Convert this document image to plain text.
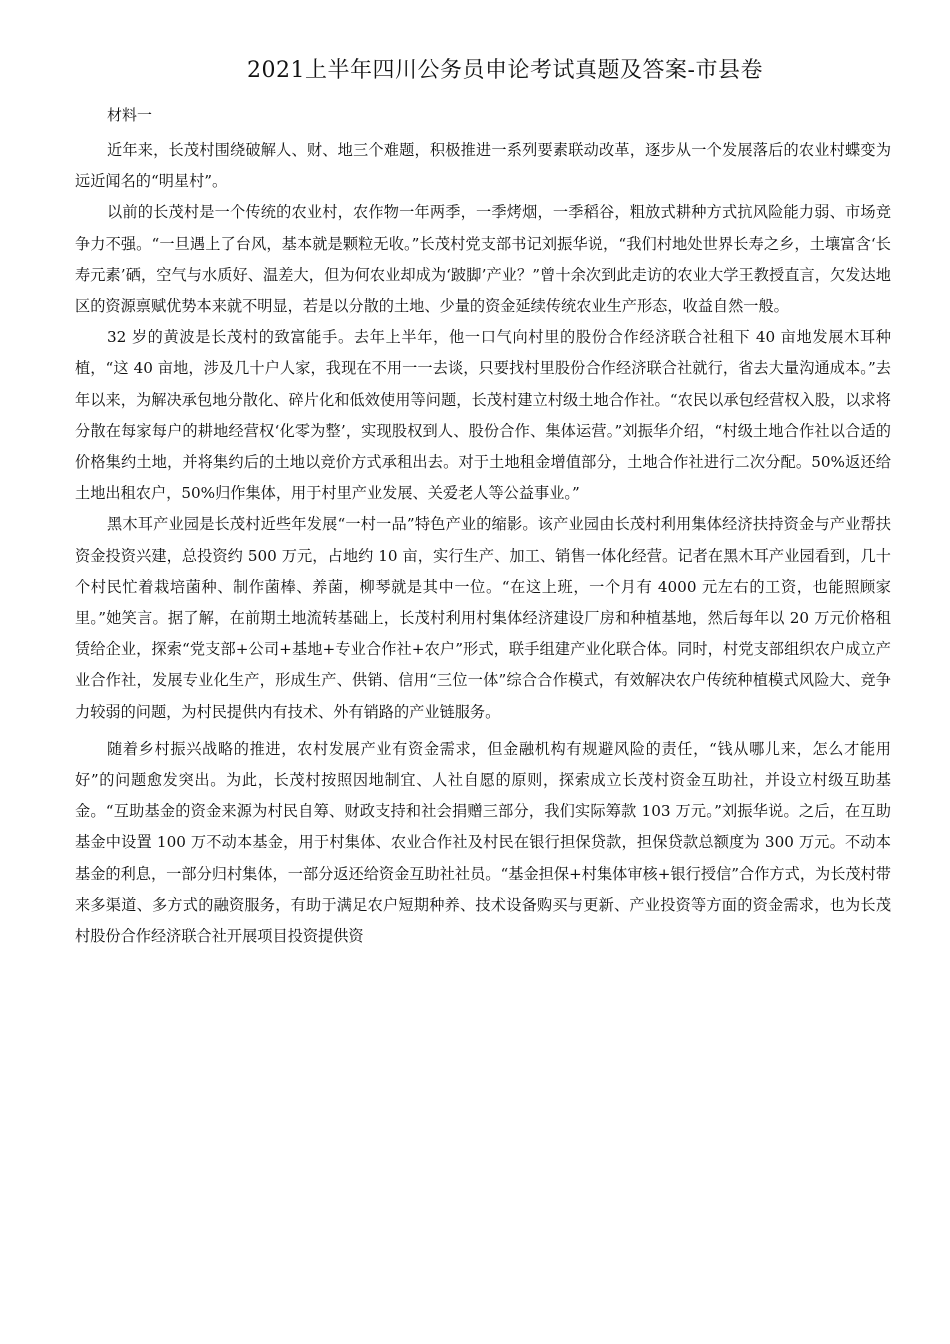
2021上半年四川公务员申论考试真题及答案-市县卷
材料一

近年来，长茂村围绕破解人、财、地三个难题，积极推进一系列要素联动改革，逐步从一个发展落后的农业村蝶变为远近闻名的“明星村”。

以前的长茂村是一个传统的农业村，农作物一年两季，一季烤烟，一季稻谷，粗放式耕种方式抗风险能力弱、市场竞争力不强。“一旦遇上了台风，基本就是颗粒无收。”长茂村党支部书记刘振华说，“我们村地处世界长寿之乡，土壤富含‘长寿元素’硒，空气与水质好、温差大，但为何农业却成为‘跛脚’产业？”曾十余次到此走访的农业大学王教授直言，欠发达地区的资源禀赋优势本来就不明显，若是以分散的土地、少量的资金延续传统农业生产形态，收益自然一般。

32 岁的黄波是长茂村的致富能手。去年上半年，他一口气向村里的股份合作经济联合社租下 40 亩地发展木耳种植，“这 40 亩地，涉及几十户人家，我现在不用一一去谈，只要找村里股份合作经济联合社就行，省去大量沟通成本。”去年以来，为解决承包地分散化、碎片化和低效使用等问题，长茂村建立村级土地合作社。“农民以承包经营权入股，以求将分散在每家每户的耕地经营权‘化零为整’，实现股权到人、股份合作、集体运营。”刘振华介绍，“村级土地合作社以合适的价格集约土地，并将集约后的土地以竞价方式承租出去。对于土地租金增值部分，土地合作社进行二次分配。50%返还给土地出租农户，50%归作集体，用于村里产业发展、关爱老人等公益事业。”

黑木耳产业园是长茂村近些年发展“一村一品”特色产业的缩影。该产业园由长茂村利用集体经济扶持资金与产业帮扶资金投资兴建，总投资约 500 万元，占地约 10 亩，实行生产、加工、销售一体化经营。记者在黑木耳产业园看到，几十个村民忙着栽培菌种、制作菌棒、养菌，柳琴就是其中一位。“在这上班，一个月有 4000 元左右的工资，也能照顾家里。”她笑言。据了解，在前期土地流转基础上，长茂村利用村集体经济建设厂房和种植基地，然后每年以 20 万元价格租赁给企业，探索“党支部+公司+基地+专业合作社+农户”形式，联手组建产业化联合体。同时，村党支部组织农户成立产业合作社，发展专业化生产，形成生产、供销、信用“三位一体”综合合作模式，有效解决农户传统种植模式风险大、竞争力较弱的问题，为村民提供内有技术、外有销路的产业链服务。

随着乡村振兴战略的推进，农村发展产业有资金需求，但金融机构有规避风险的责任，“钱从哪儿来，怎么才能用好”的问题愈发突出。为此，长茂村按照因地制宜、人社自愿的原则，探索成立长茂村资金互助社，并设立村级互助基金。“互助基金的资金来源为村民自筹、财政支持和社会捐赠三部分，我们实际筹款 103 万元。”刘振华说。之后，在互助基金中设置 100 万不动本基金，用于村集体、农业合作社及村民在银行担保贷款，担保贷款总额度为 300 万元。不动本基金的利息，一部分归村集体，一部分返还给资金互助社社员。“基金担保+村集体审核+银行授信”合作方式，为长茂村带来多渠道、多方式的融资服务，有助于满足农户短期种养、技术设备购买与更新、产业投资等方面的资金需求，也为长茂村股份合作经济联合社开展项目投资提供资
